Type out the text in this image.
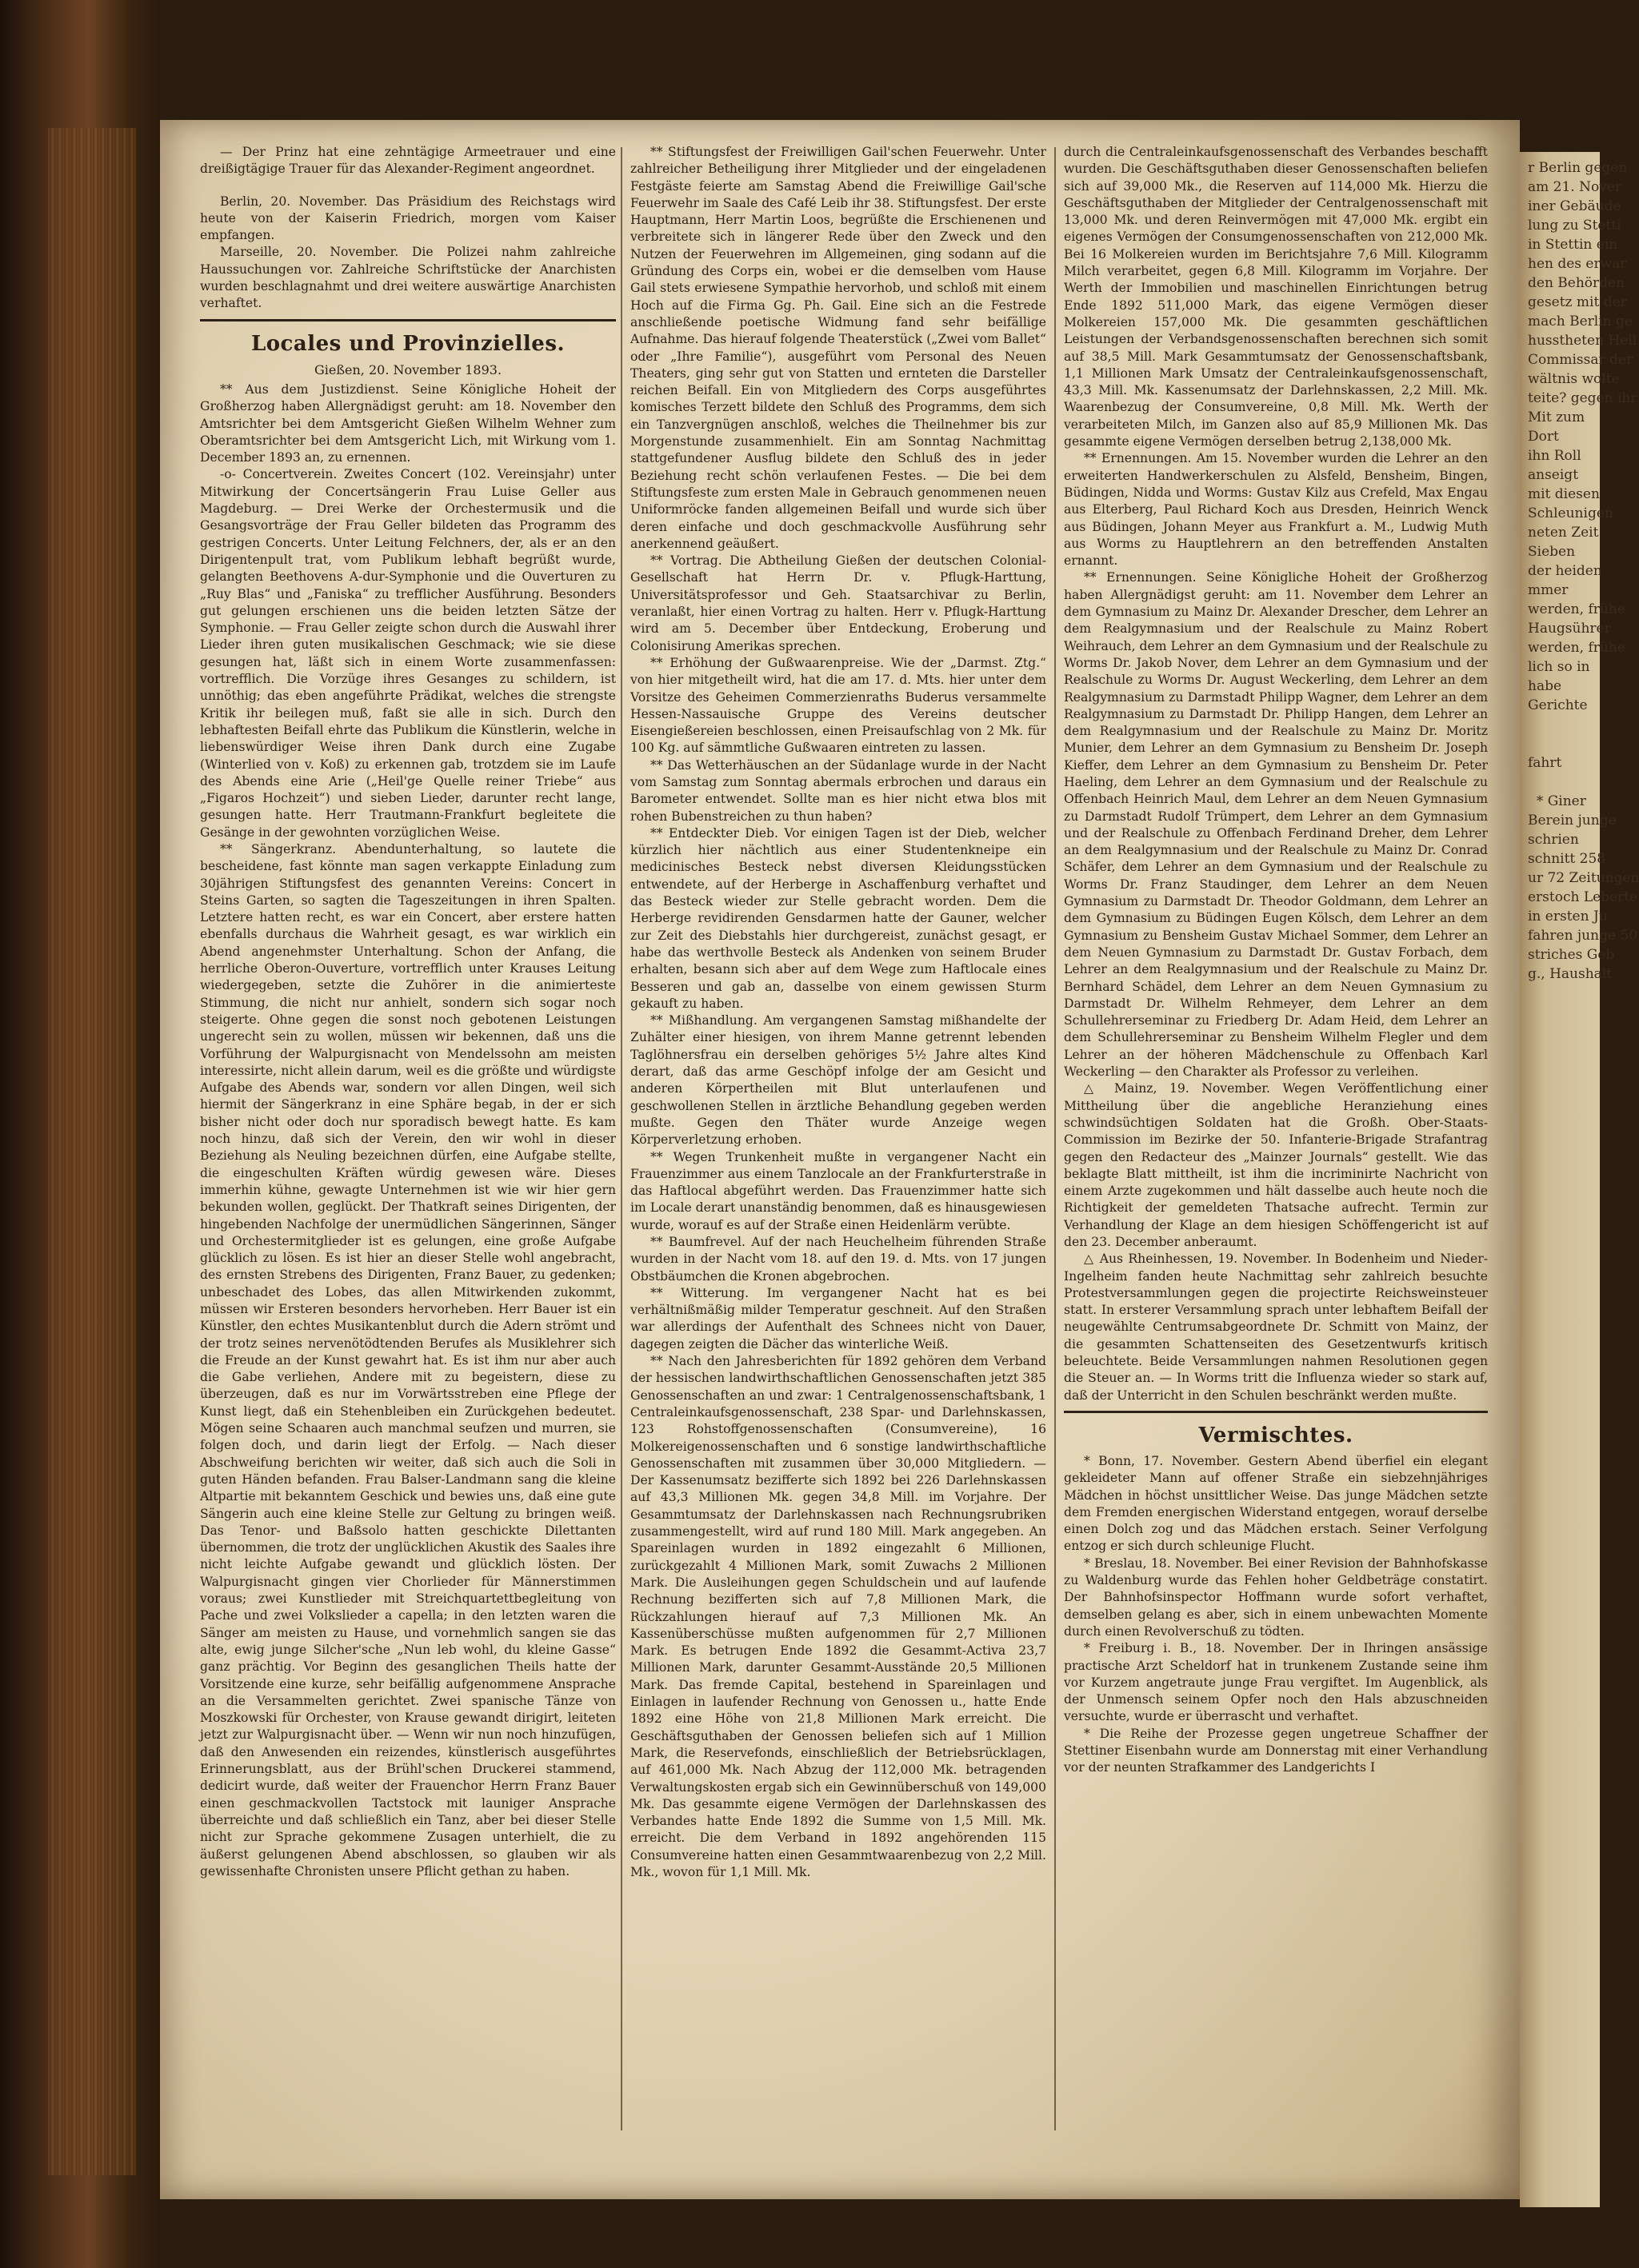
— Der Prinz hat eine zehntägige Armeetrauer und eine dreißigtägige Trauer für das Alexander-Regiment angeordnet.

Berlin, 20. November. Das Präsidium des Reichstags wird heute von der Kaiserin Friedrich, morgen vom Kaiser empfangen.

Marseille, 20. November. Die Polizei nahm zahlreiche Haussuchungen vor. Zahlreiche Schriftstücke der Anarchisten wurden beschlagnahmt und drei weitere auswärtige Anarchisten verhaftet.

Locales und Provinzielles.
Gießen, 20. November 1893.

** Aus dem Justizdienst. Seine Königliche Hoheit der Großherzog haben Allergnädigst geruht: am 18. November den Amtsrichter bei dem Amtsgericht Gießen Wilhelm Wehner zum Oberamtsrichter bei dem Amtsgericht Lich, mit Wirkung vom 1. December 1893 an, zu ernennen.

-o- Concertverein. Zweites Concert (102. Vereinsjahr) unter Mitwirkung der Concertsängerin Frau Luise Geller aus Magdeburg. — Drei Werke der Orchestermusik und die Gesangsvorträge der Frau Geller bildeten das Programm des gestrigen Concerts. Unter Leitung Felchners, der, als er an den Dirigentenpult trat, vom Publikum lebhaft begrüßt wurde, gelangten Beethovens A-dur-Symphonie und die Ouverturen zu „Ruy Blas“ und „Faniska“ zu trefflicher Ausführung. Besonders gut gelungen erschienen uns die beiden letzten Sätze der Symphonie. — Frau Geller zeigte schon durch die Auswahl ihrer Lieder ihren guten musikalischen Geschmack; wie sie diese gesungen hat, läßt sich in einem Worte zusammenfassen: vortrefflich. Die Vorzüge ihres Gesanges zu schildern, ist unnöthig; das eben angeführte Prädikat, welches die strengste Kritik ihr beilegen muß, faßt sie alle in sich. Durch den lebhaftesten Beifall ehrte das Publikum die Künstlerin, welche in liebenswürdiger Weise ihren Dank durch eine Zugabe (Winterlied von v. Koß) zu erkennen gab, trotzdem sie im Laufe des Abends eine Arie („Heil'ge Quelle reiner Triebe“ aus „Figaros Hochzeit“) und sieben Lieder, darunter recht lange, gesungen hatte. Herr Trautmann-Frankfurt begleitete die Gesänge in der gewohnten vorzüglichen Weise.

** Sängerkranz. Abendunterhaltung, so lautete die bescheidene, fast könnte man sagen verkappte Einladung zum 30jährigen Stiftungsfest des genannten Vereins: Concert in Steins Garten, so sagten die Tageszeitungen in ihren Spalten. Letztere hatten recht, es war ein Concert, aber erstere hatten ebenfalls durchaus die Wahrheit gesagt, es war wirklich ein Abend angenehmster Unterhaltung. Schon der Anfang, die herrliche Oberon-Ouverture, vortrefflich unter Krauses Leitung wiedergegeben, setzte die Zuhörer in die animierteste Stimmung, die nicht nur anhielt, sondern sich sogar noch steigerte. Ohne gegen die sonst noch gebotenen Leistungen ungerecht sein zu wollen, müssen wir bekennen, daß uns die Vorführung der Walpurgisnacht von Mendelssohn am meisten interessirte, nicht allein darum, weil es die größte und würdigste Aufgabe des Abends war, sondern vor allen Dingen, weil sich hiermit der Sängerkranz in eine Sphäre begab, in der er sich bisher nicht oder doch nur sporadisch bewegt hatte. Es kam noch hinzu, daß sich der Verein, den wir wohl in dieser Beziehung als Neuling bezeichnen dürfen, eine Aufgabe stellte, die eingeschulten Kräften würdig gewesen wäre. Dieses immerhin kühne, gewagte Unternehmen ist wie wir hier gern bekunden wollen, geglückt. Der Thatkraft seines Dirigenten, der hingebenden Nachfolge der unermüdlichen Sängerinnen, Sänger und Orchestermitglieder ist es gelungen, eine große Aufgabe glücklich zu lösen. Es ist hier an dieser Stelle wohl angebracht, des ernsten Strebens des Dirigenten, Franz Bauer, zu gedenken; unbeschadet des Lobes, das allen Mitwirkenden zukommt, müssen wir Ersteren besonders hervorheben. Herr Bauer ist ein Künstler, den echtes Musikantenblut durch die Adern strömt und der trotz seines nervenötödtenden Berufes als Musiklehrer sich die Freude an der Kunst gewahrt hat. Es ist ihm nur aber auch die Gabe verliehen, Andere mit zu begeistern, diese zu überzeugen, daß es nur im Vorwärtsstreben eine Pflege der Kunst liegt, daß ein Stehenbleiben ein Zurückgehen bedeutet. Mögen seine Schaaren auch manchmal seufzen und murren, sie folgen doch, und darin liegt der Erfolg. — Nach dieser Abschweifung berichten wir weiter, daß sich auch die Soli in guten Händen befanden. Frau Balser-Landmann sang die kleine Altpartie mit bekanntem Geschick und bewies uns, daß eine gute Sängerin auch eine kleine Stelle zur Geltung zu bringen weiß. Das Tenor- und Baßsolo hatten geschickte Dilettanten übernommen, die trotz der unglücklichen Akustik des Saales ihre nicht leichte Aufgabe gewandt und glücklich lösten. Der Walpurgisnacht gingen vier Chorlieder für Männerstimmen voraus; zwei Kunstlieder mit Streichquartettbegleitung von Pache und zwei Volkslieder a capella; in den letzten waren die Sänger am meisten zu Hause, und vornehmlich sangen sie das alte, ewig junge Silcher'sche „Nun leb wohl, du kleine Gasse“ ganz prächtig. Vor Beginn des gesanglichen Theils hatte der Vorsitzende eine kurze, sehr beifällig aufgenommene Ansprache an die Versammelten gerichtet. Zwei spanische Tänze von Moszkowski für Orchester, von Krause gewandt dirigirt, leiteten jetzt zur Walpurgisnacht über. — Wenn wir nun noch hinzufügen, daß den Anwesenden ein reizendes, künstlerisch ausgeführtes Erinnerungsblatt, aus der Brühl'schen Druckerei stammend, dedicirt wurde, daß weiter der Frauenchor Herrn Franz Bauer einen geschmackvollen Tactstock mit launiger Ansprache überreichte und daß schließlich ein Tanz, aber bei dieser Stelle nicht zur Sprache gekommene Zusagen unterhielt, die zu äußerst gelungenen Abend abschlossen, so glauben wir als gewissenhafte Chronisten unsere Pflicht gethan zu haben.

** Stiftungsfest der Freiwilligen Gail'schen Feuerwehr. Unter zahlreicher Betheiligung ihrer Mitglieder und der eingeladenen Festgäste feierte am Samstag Abend die Freiwillige Gail'sche Feuerwehr im Saale des Café Leib ihr 38. Stiftungsfest. Der erste Hauptmann, Herr Martin Loos, begrüßte die Erschienenen und verbreitete sich in längerer Rede über den Zweck und den Nutzen der Feuerwehren im Allgemeinen, ging sodann auf die Gründung des Corps ein, wobei er die demselben vom Hause Gail stets erwiesene Sympathie hervorhob, und schloß mit einem Hoch auf die Firma Gg. Ph. Gail. Eine sich an die Festrede anschließende poetische Widmung fand sehr beifällige Aufnahme. Das hierauf folgende Theaterstück („Zwei vom Ballet“ oder „Ihre Familie“), ausgeführt vom Personal des Neuen Theaters, ging sehr gut von Statten und ernteten die Darsteller reichen Beifall. Ein von Mitgliedern des Corps ausgeführtes komisches Terzett bildete den Schluß des Programms, dem sich ein Tanzvergnügen anschloß, welches die Theilnehmer bis zur Morgenstunde zusammenhielt. Ein am Sonntag Nachmittag stattgefundener Ausflug bildete den Schluß des in jeder Beziehung recht schön verlaufenen Festes. — Die bei dem Stiftungsfeste zum ersten Male in Gebrauch genommenen neuen Uniformröcke fanden allgemeinen Beifall und wurde sich über deren einfache und doch geschmackvolle Ausführung sehr anerkennend geäußert.

** Vortrag. Die Abtheilung Gießen der deutschen Colonial-Gesellschaft hat Herrn Dr. v. Pflugk-Harttung, Universitätsprofessor und Geh. Staatsarchivar zu Berlin, veranlaßt, hier einen Vortrag zu halten. Herr v. Pflugk-Harttung wird am 5. December über Entdeckung, Eroberung und Colonisirung Amerikas sprechen.

** Erhöhung der Gußwaarenpreise. Wie der „Darmst. Ztg.“ von hier mitgetheilt wird, hat die am 17. d. Mts. hier unter dem Vorsitze des Geheimen Commerzienraths Buderus versammelte Hessen-Nassauische Gruppe des Vereins deutscher Eisengießereien beschlossen, einen Preisaufschlag von 2 Mk. für 100 Kg. auf sämmtliche Gußwaaren eintreten zu lassen.

** Das Wetterhäuschen an der Südanlage wurde in der Nacht vom Samstag zum Sonntag abermals erbrochen und daraus ein Barometer entwendet. Sollte man es hier nicht etwa blos mit rohen Bubenstreichen zu thun haben?

** Entdeckter Dieb. Vor einigen Tagen ist der Dieb, welcher kürzlich hier nächtlich aus einer Studentenkneipe ein medicinisches Besteck nebst diversen Kleidungsstücken entwendete, auf der Herberge in Aschaffenburg verhaftet und das Besteck wieder zur Stelle gebracht worden. Dem die Herberge revidirenden Gensdarmen hatte der Gauner, welcher zur Zeit des Diebstahls hier durchgereist, zunächst gesagt, er habe das werthvolle Besteck als Andenken von seinem Bruder erhalten, besann sich aber auf dem Wege zum Haftlocale eines Besseren und gab an, dasselbe von einem gewissen Sturm gekauft zu haben.

** Mißhandlung. Am vergangenen Samstag mißhandelte der Zuhälter einer hiesigen, von ihrem Manne getrennt lebenden Taglöhnersfrau ein derselben gehöriges 5½ Jahre altes Kind derart, daß das arme Geschöpf infolge der am Gesicht und anderen Körpertheilen mit Blut unterlaufenen und geschwollenen Stellen in ärztliche Behandlung gegeben werden mußte. Gegen den Thäter wurde Anzeige wegen Körperverletzung erhoben.

** Wegen Trunkenheit mußte in vergangener Nacht ein Frauenzimmer aus einem Tanzlocale an der Frankfurterstraße in das Haftlocal abgeführt werden. Das Frauenzimmer hatte sich im Locale derart unanständig benommen, daß es hinausgewiesen wurde, worauf es auf der Straße einen Heidenlärm verübte.

** Baumfrevel. Auf der nach Heuchelheim führenden Straße wurden in der Nacht vom 18. auf den 19. d. Mts. von 17 jungen Obstbäumchen die Kronen abgebrochen.

** Witterung. Im vergangener Nacht hat es bei verhältnißmäßig milder Temperatur geschneit. Auf den Straßen war allerdings der Aufenthalt des Schnees nicht von Dauer, dagegen zeigten die Dächer das winterliche Weiß.

** Nach den Jahresberichten für 1892 gehören dem Verband der hessischen landwirthschaftlichen Genossenschaften jetzt 385 Genossenschaften an und zwar: 1 Centralgenossenschaftsbank, 1 Centraleinkaufsgenossenschaft, 238 Spar- und Darlehnskassen, 123 Rohstoffgenossenschaften (Consumvereine), 16 Molkereigenossenschaften und 6 sonstige landwirthschaftliche Genossenschaften mit zusammen über 30,000 Mitgliedern. — Der Kassenumsatz bezifferte sich 1892 bei 226 Darlehnskassen auf 43,3 Millionen Mk. gegen 34,8 Mill. im Vorjahre. Der Gesammtumsatz der Darlehnskassen nach Rechnungsrubriken zusammengestellt, wird auf rund 180 Mill. Mark angegeben. An Spareinlagen wurden in 1892 eingezahlt 6 Millionen, zurückgezahlt 4 Millionen Mark, somit Zuwachs 2 Millionen Mark. Die Ausleihungen gegen Schuldschein und auf laufende Rechnung bezifferten sich auf 7,8 Millionen Mark, die Rückzahlungen hierauf auf 7,3 Millionen Mk. An Kassenüberschüsse mußten aufgenommen für 2,7 Millionen Mark. Es betrugen Ende 1892 die Gesammt-Activa 23,7 Millionen Mark, darunter Gesammt-Ausstände 20,5 Millionen Mark. Das fremde Capital, bestehend in Spareinlagen und Einlagen in laufender Rechnung von Genossen u., hatte Ende 1892 eine Höhe von 21,8 Millionen Mark erreicht. Die Geschäftsguthaben der Genossen beliefen sich auf 1 Million Mark, die Reservefonds, einschließlich der Betriebsrücklagen, auf 461,000 Mk. Nach Abzug der 112,000 Mk. betragenden Verwaltungskosten ergab sich ein Gewinnüberschuß von 149,000 Mk. Das gesammte eigene Vermögen der Darlehnskassen des Verbandes hatte Ende 1892 die Summe von 1,5 Mill. Mk. erreicht. Die dem Verband in 1892 angehörenden 115 Consumvereine hatten einen Gesammtwaarenbezug von 2,2 Mill. Mk., wovon für 1,1 Mill. Mk.

durch die Centraleinkaufsgenossenschaft des Verbandes beschafft wurden. Die Geschäftsguthaben dieser Genossenschaften beliefen sich auf 39,000 Mk., die Reserven auf 114,000 Mk. Hierzu die Geschäftsguthaben der Mitglieder der Centralgenossenschaft mit 13,000 Mk. und deren Reinvermögen mit 47,000 Mk. ergibt ein eigenes Vermögen der Consumgenossenschaften von 212,000 Mk. Bei 16 Molkereien wurden im Berichtsjahre 7,6 Mill. Kilogramm Milch verarbeitet, gegen 6,8 Mill. Kilogramm im Vorjahre. Der Werth der Immobilien und maschinellen Einrichtungen betrug Ende 1892 511,000 Mark, das eigene Vermögen dieser Molkereien 157,000 Mk. Die gesammten geschäftlichen Leistungen der Verbandsgenossenschaften berechnen sich somit auf 38,5 Mill. Mark Gesammtumsatz der Genossenschaftsbank, 1,1 Millionen Mark Umsatz der Centraleinkaufsgenossenschaft, 43,3 Mill. Mk. Kassenumsatz der Darlehnskassen, 2,2 Mill. Mk. Waarenbezug der Consumvereine, 0,8 Mill. Mk. Werth der verarbeiteten Milch, im Ganzen also auf 85,9 Millionen Mk. Das gesammte eigene Vermögen derselben betrug 2,138,000 Mk.

** Ernennungen. Am 15. November wurden die Lehrer an den erweiterten Handwerkerschulen zu Alsfeld, Bensheim, Bingen, Büdingen, Nidda und Worms: Gustav Kilz aus Crefeld, Max Engau aus Elterberg, Paul Richard Koch aus Dresden, Heinrich Wenck aus Büdingen, Johann Meyer aus Frankfurt a. M., Ludwig Muth aus Worms zu Hauptlehrern an den betreffenden Anstalten ernannt.

** Ernennungen. Seine Königliche Hoheit der Großherzog haben Allergnädigst geruht: am 11. November dem Lehrer an dem Gymnasium zu Mainz Dr. Alexander Drescher, dem Lehrer an dem Realgymnasium und der Realschule zu Mainz Robert Weihrauch, dem Lehrer an dem Gymnasium und der Realschule zu Worms Dr. Jakob Nover, dem Lehrer an dem Gymnasium und der Realschule zu Worms Dr. August Weckerling, dem Lehrer an dem Realgymnasium zu Darmstadt Philipp Wagner, dem Lehrer an dem Realgymnasium zu Darmstadt Dr. Philipp Hangen, dem Lehrer an dem Realgymnasium und der Realschule zu Mainz Dr. Moritz Munier, dem Lehrer an dem Gymnasium zu Bensheim Dr. Joseph Kieffer, dem Lehrer an dem Gymnasium zu Bensheim Dr. Peter Haeling, dem Lehrer an dem Gymnasium und der Realschule zu Offenbach Heinrich Maul, dem Lehrer an dem Neuen Gymnasium zu Darmstadt Rudolf Trümpert, dem Lehrer an dem Gymnasium und der Realschule zu Offenbach Ferdinand Dreher, dem Lehrer an dem Realgymnasium und der Realschule zu Mainz Dr. Conrad Schäfer, dem Lehrer an dem Gymnasium und der Realschule zu Worms Dr. Franz Staudinger, dem Lehrer an dem Neuen Gymnasium zu Darmstadt Dr. Theodor Goldmann, dem Lehrer an dem Gymnasium zu Büdingen Eugen Kölsch, dem Lehrer an dem Gymnasium zu Bensheim Gustav Michael Sommer, dem Lehrer an dem Neuen Gymnasium zu Darmstadt Dr. Gustav Forbach, dem Lehrer an dem Realgymnasium und der Realschule zu Mainz Dr. Bernhard Schädel, dem Lehrer an dem Neuen Gymnasium zu Darmstadt Dr. Wilhelm Rehmeyer, dem Lehrer an dem Schullehrerseminar zu Friedberg Dr. Adam Heid, dem Lehrer an dem Schullehrerseminar zu Bensheim Wilhelm Flegler und dem Lehrer an der höheren Mädchenschule zu Offenbach Karl Weckerling — den Charakter als Professor zu verleihen.

△ Mainz, 19. November. Wegen Veröffentlichung einer Mittheilung über die angebliche Heranziehung eines schwindsüchtigen Soldaten hat die Großh. Ober-Staats-Commission im Bezirke der 50. Infanterie-Brigade Strafantrag gegen den Redacteur des „Mainzer Journals“ gestellt. Wie das beklagte Blatt mittheilt, ist ihm die incriminirte Nachricht von einem Arzte zugekommen und hält dasselbe auch heute noch die Richtigkeit der gemeldeten Thatsache aufrecht. Termin zur Verhandlung der Klage an dem hiesigen Schöffengericht ist auf den 23. December anberaumt.

△ Aus Rheinhessen, 19. November. In Bodenheim und Nieder-Ingelheim fanden heute Nachmittag sehr zahlreich besuchte Protestversammlungen gegen die projectirte Reichsweinsteuer statt. In ersterer Versammlung sprach unter lebhaftem Beifall der neugewählte Centrumsabgeordnete Dr. Schmitt von Mainz, der die gesammten Schattenseiten des Gesetzentwurfs kritisch beleuchtete. Beide Versammlungen nahmen Resolutionen gegen die Steuer an. — In Worms tritt die Influenza wieder so stark auf, daß der Unterricht in den Schulen beschränkt werden mußte.

Vermischtes.

* Bonn, 17. November. Gestern Abend überfiel ein elegant gekleideter Mann auf offener Straße ein siebzehnjähriges Mädchen in höchst unsittlicher Weise. Das junge Mädchen setzte dem Fremden energischen Widerstand entgegen, worauf derselbe einen Dolch zog und das Mädchen erstach. Seiner Verfolgung entzog er sich durch schleunige Flucht.

* Breslau, 18. November. Bei einer Revision der Bahnhofskasse zu Waldenburg wurde das Fehlen hoher Geldbeträge constatirt. Der Bahnhofsinspector Hoffmann wurde sofort verhaftet, demselben gelang es aber, sich in einem unbewachten Momente durch einen Revolverschuß zu tödten.

* Freiburg i. B., 18. November. Der in Ihringen ansässige practische Arzt Scheldorf hat in trunkenem Zustande seine ihm vor Kurzem angetraute junge Frau vergiftet. Im Augenblick, als der Unmensch seinem Opfer noch den Hals abzuschneiden versuchte, wurde er überrascht und verhaftet.

* Die Reihe der Prozesse gegen ungetreue Schaffner der Stettiner Eisenbahn wurde am Donnerstag mit einer Verhandlung vor der neunten Strafkammer des Landgerichts I

r Berlin gegen
am 21. Nover
iner Gebäude
lung zu Stetti
in Stettin ein
hen des erwar
den Behörden
gesetz mit der
mach Berlin ge
husstheten Heil
Commissar der
wältnis wolte
teite? gegen ihr
Mit zum
Dort
ihn Roll
anseigt
mit diesen
Schleunigen
neten Zeit
Sieben
der heiden
mmer
werden, frühe
Haugsührer
werden, frühe
lich so in
habe
Gerichte

fahrt

* Giner
Berein junge
schrien
schnitt 258
ur 72 Zeitungen
erstoch Leberte
in ersten Ju
fahren junge 50
striches Geb
g., Haushalt
